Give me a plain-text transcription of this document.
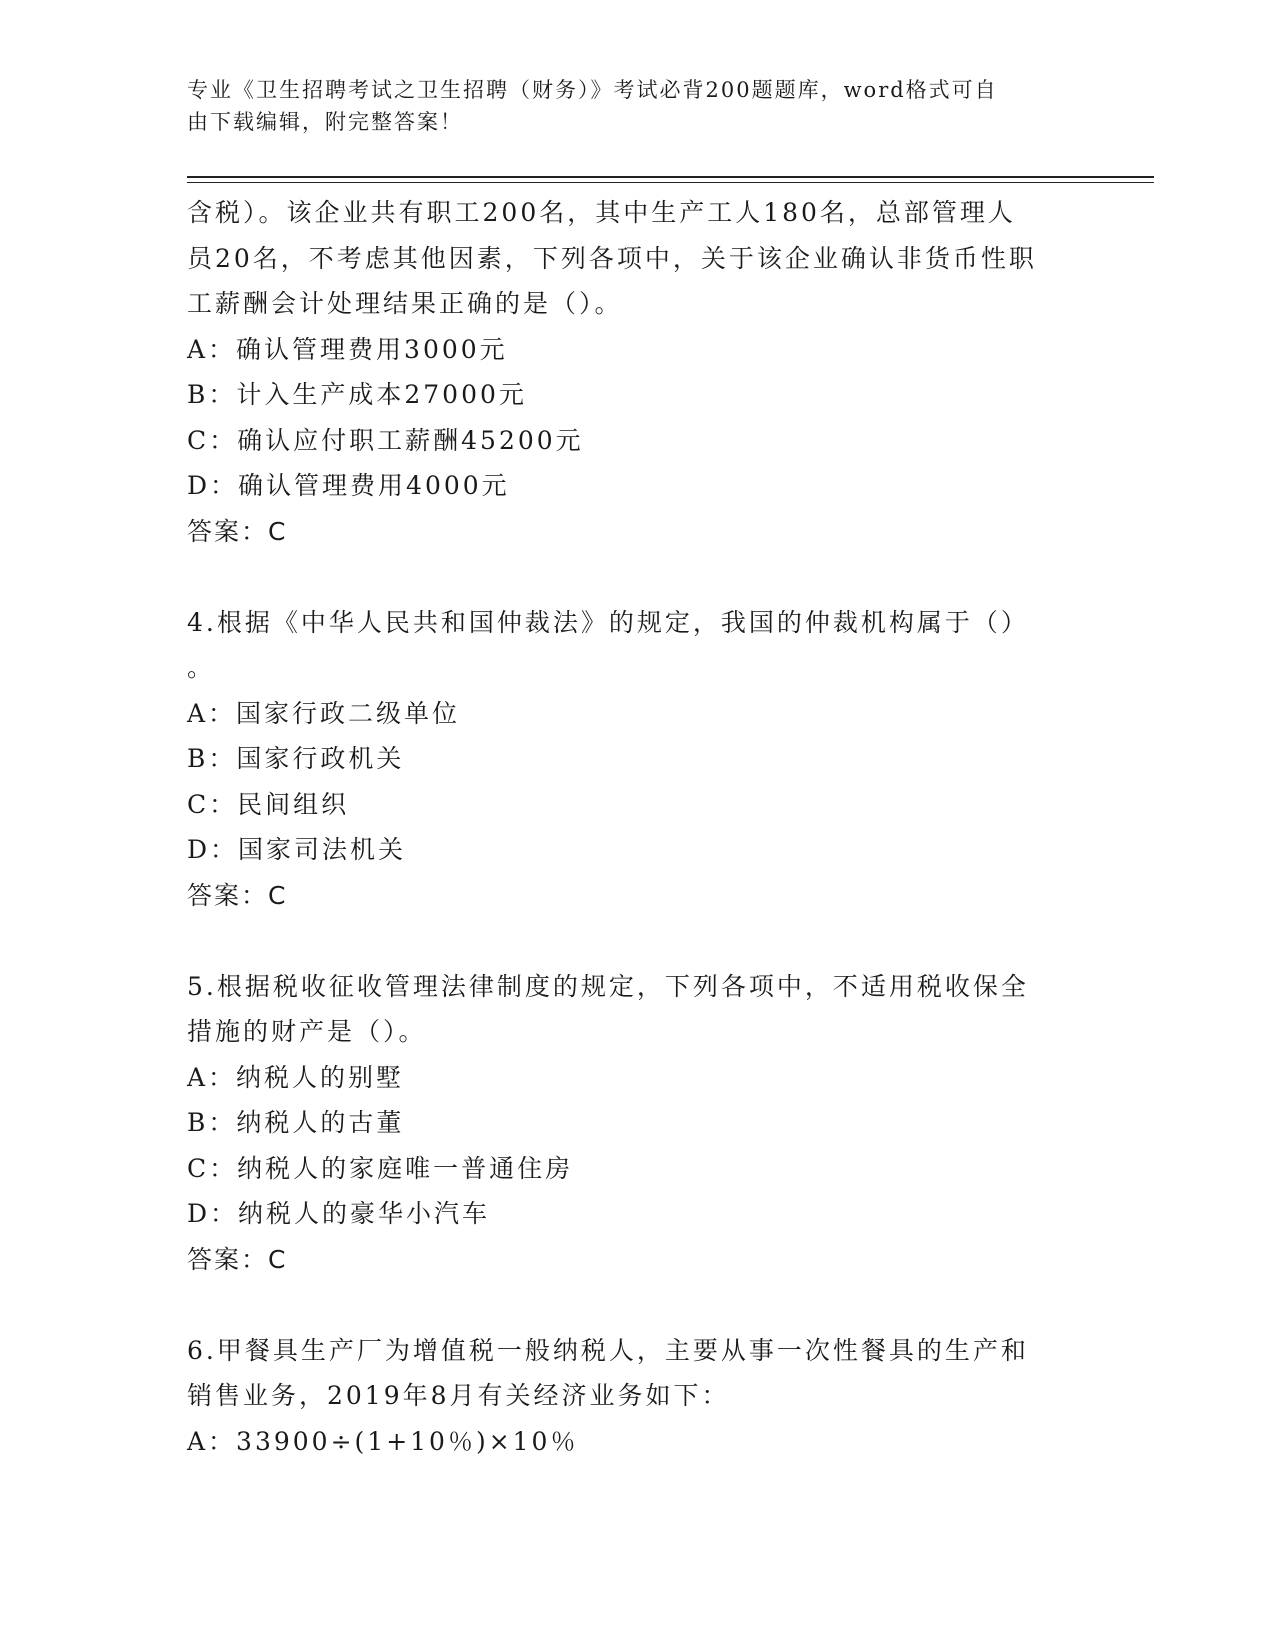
专业《卫生招聘考试之卫生招聘（财务）》考试必背200题题库，word格式可自
由下载编辑，附完整答案！
含税）。该企业共有职工200名，其中生产工人180名，总部管理人
员20名，不考虑其他因素，下列各项中，关于该企业确认非货币性职
工薪酬会计处理结果正确的是（）。
A：确认管理费用3000元
B：计入生产成本27000元
C：确认应付职工薪酬45200元
D：确认管理费用4000元
答案：C
4.根据《中华人民共和国仲裁法》的规定，我国的仲裁机构属于（）
。
A：国家行政二级单位
B：国家行政机关
C：民间组织
D：国家司法机关
答案：C
5.根据税收征收管理法律制度的规定，下列各项中，不适用税收保全
措施的财产是（）。
A：纳税人的别墅
B：纳税人的古董
C：纳税人的家庭唯一普通住房
D：纳税人的豪华小汽车
答案：C
6.甲餐具生产厂为增值税一般纳税人，主要从事一次性餐具的生产和
销售业务，2019年8月有关经济业务如下：
A：33900÷(1+10％)×10％
